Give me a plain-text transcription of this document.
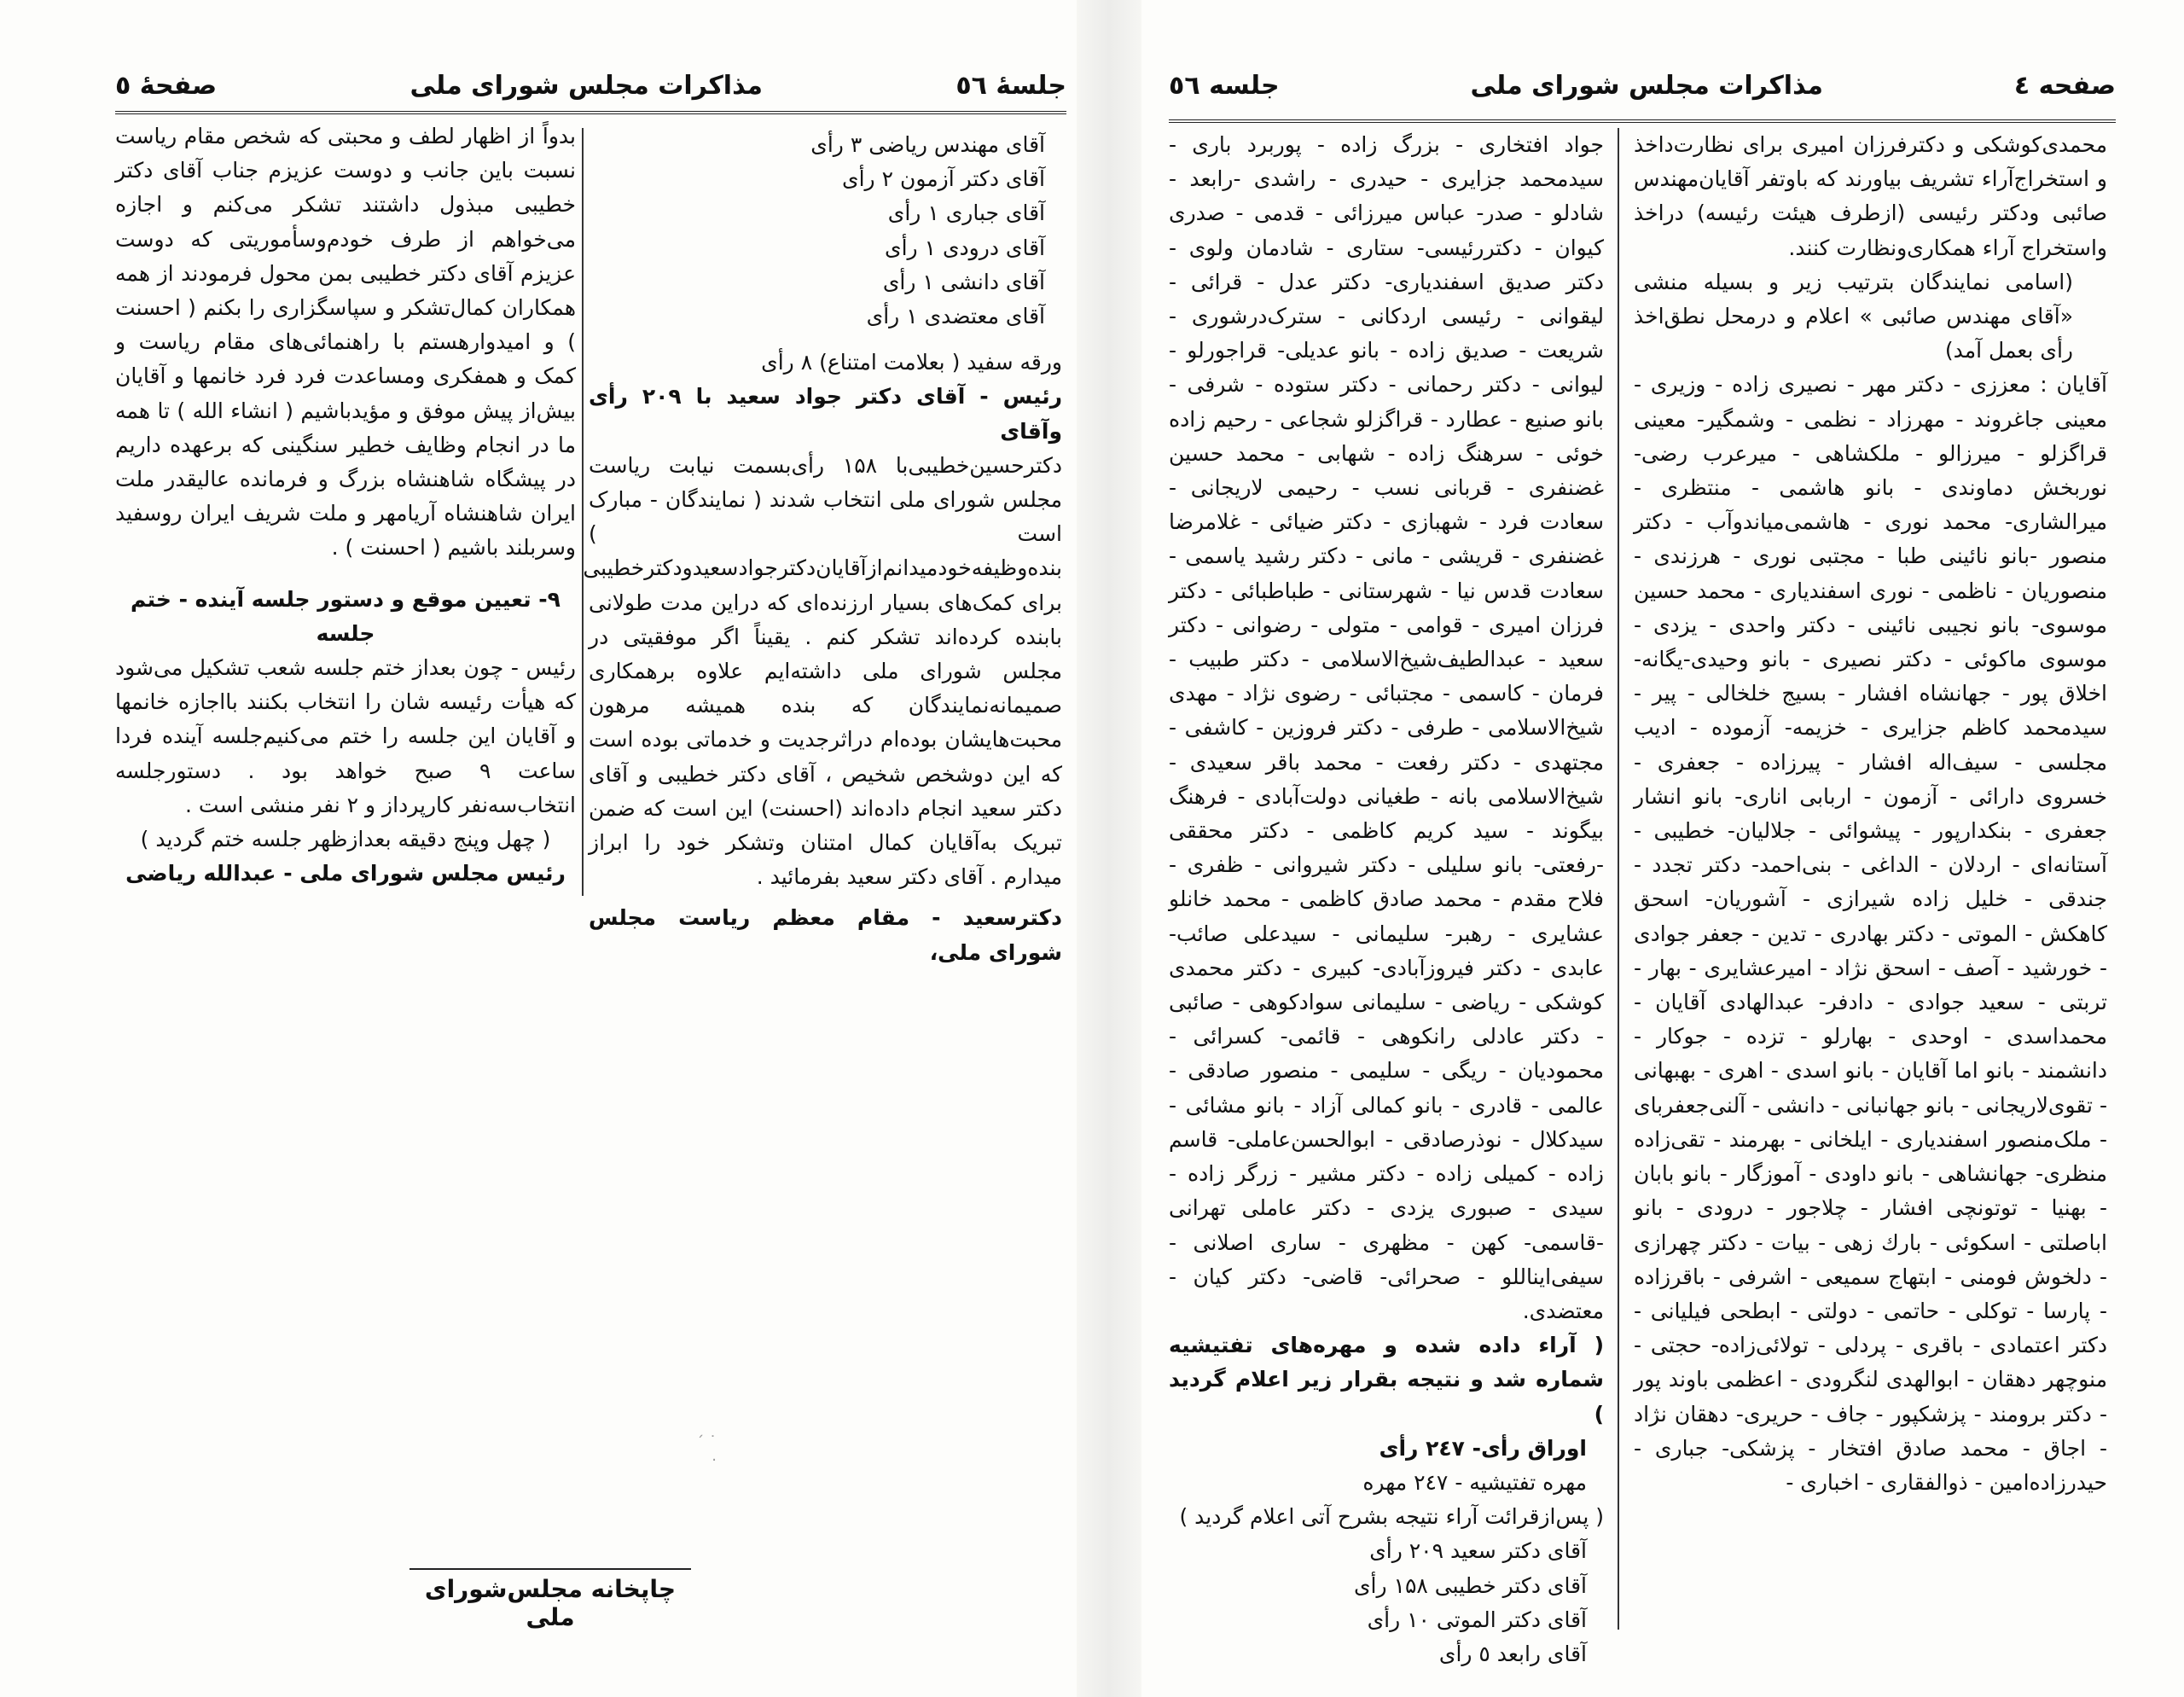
جلسهٔ ٥٦
مذاکرات مجلس شورای ملی
صفحهٔ ٥

آقای مهندس ریاضی ۳ رأی

آقای دکتر آزمون ۲ رأی

آقای جباری ۱ رأی

آقای درودی ۱ رأی

آقای دانشی ۱ رأی

آقای معتضدی ۱ رأی

ورقه سفید ( بعلامت امتناع) ۸ رأی

رئیس - آقای دکتر جواد سعید با ۲۰۹ رأی وآقای

دکترحسین‌خطیبی‌با ۱۵۸ رأی‌بسمت نیابت ریاست مجلس شورای ملی انتخاب شدند ( نمایندگان - مبارک است ) بنده‌وظیفه‌خودمیدانم‌ازآقایان‌دکترجوادسعیدودکترخطیبی برای کمک‌های بسیار ارزنده‌ای که دراین مدت طولانی بابنده کرده‌اند تشکر کنم . یقیناً اگر موفقیتی در مجلس شورای ملی داشته‌ایم علاوه برهمکاری صمیمانه‌نمایندگان که بنده همیشه مرهون محبت‌هایشان بوده‌ام دراثرجدیت و خدماتی بوده است که این دوشخص شخیص ، آقای دکتر خطیبی و آقای دکتر سعید انجام داده‌اند (احسنت) این است که ضمن تبریک به‌آقایان کمال امتنان وتشکر خود را ابراز میدارم . آقای دکتر سعید بفرمائید .

دکترسعید - مقام معظم ریاست مجلس شورای ملی،

بدواً از اظهار لطف و محبتی که شخص مقام ریاست نسبت باین جانب و دوست عزیزم جناب آقای دکتر خطیبی مبذول داشتند تشکر می‌کنم و اجازه می‌خواهم از طرف خودم‌وسأموریتی که دوست عزیزم آقای دکتر خطیبی بمن محول فرمودند از همه همکاران کمال‌تشکر و سپاسگزاری را بکنم ( احسنت ) و امیدوارهستم با راهنمائی‌های مقام ریاست و کمک و همفکری ومساعدت فرد فرد خانمها و آقایان بیش‌از پیش موفق و مؤیدباشیم ( انشاء الله ) تا همه ما در انجام وظایف خطیر سنگینی که برعهده داریم در پیشگاه شاهنشاه بزرگ و فرمانده عالیقدر ملت ایران شاهنشاه آریامهر و ملت شریف ایران روسفید وسربلند باشیم ( احسنت ) .

۹- تعیین موقع و دستور جلسه آینده - ختم جلسه

رئیس - چون بعداز ختم جلسه شعب تشکیل می‌شود که هیأت رئیسه شان را انتخاب بکنند بااجازه خانمها و آقایان این جلسه را ختم می‌کنیم‌جلسه آینده فردا ساعت ۹ صبح خواهد بود . دستورجلسه انتخاب‌سه‌نفر کارپرداز و ۲ نفر منشی است .

( چهل وپنج دقیقه بعدازظهر جلسه ختم گردید )

رئیس مجلس شورای ملی - عبدالله ریاضی

˙ ´ ·
چاپخانه مجلس‌شورای ملی
صفحه ٤
مذاکرات مجلس شورای ملی
جلسه ٥٦

محمدی‌کوشکی و دکترفرزان امیری برای نظارت‌داخذ و استخراج‌آراء تشریف بیاورند که باوتفر آقایان‌مهندس صائبی ودکتر رئیسی (ازطرف هیئت رئیسه) دراخذ واستخراج آراء همکاری‌ونظارت کنند.

(اسامی نمایندگان بترتیب زیر و بسیله منشی «آقای مهندس صائبی » اعلام و درمحل نطق‌اخذ رأی بعمل آمد)

آقایان : معززی - دکتر مهر - نصیری زاده - وزیری - معینی جاغروند - مهرزاد - نظمی - وشمگیر- معینی قراگزلو - میرزالو - ملکشاهی - میرعرب رضی- نوربخش دماوندی - بانو هاشمی - منتظری - میرالشاری- محمد نوری - هاشمی‌میاندوآب - دکتر منصور -بانو نائینی طبا - مجتبی نوری - هرزندی - منصوریان - ناظمی - نوری اسفندیاری - محمد حسین موسوی- بانو نجیبی نائینی - دکتر واحدی - یزدی - موسوی ماکوئی - دکتر نصیری - بانو وحیدی-یگانه- اخلاق پور - جهانشاه افشار - بسیج خلخالی - پیر - سیدمحمد کاظم جزایری - خزیمه- آزموده - ادیب مجلسی - سیف‌اله افشار - پیرزاده - جعفری - خسروی دارائی - آزمون - اربابی اناری- بانو انشار جعفری - بنکدارپور - پیشوائی - جلالیان- خطیبی - آستانه‌ای - اردلان - الداغی - بنی‌احمد- دکتر تجدد - جندقی - خلیل زاده شیرازی - آشوریان- اسحق کاهکش - الموتی - دکتر بهادری - تدین - جعفر جوادی - خورشید - آصف - اسحق نژاد - امیرعشایری - بهار - تربتی - سعید جوادی - دادفر- عبدالهادی آقایان - محمداسدی - اوحدی - بهارلو - تزده - جوکار - دانشمند - بانو اما آقایان - بانو اسدی - اهری - بهبهانی - تقوی‌لاریجانی - بانو جهانبانی - دانشی - آلنی‌جعفربای - ملک‌منصور اسفندیاری - ایلخانی - بهرمند - تقی‌زاده منظری- جهانشاهی - بانو داودی - آموزگار - بانو بابان - بهنیا - توتونچی افشار - چلاجور - درودی - بانو اباصلتی - اسکوئی - بارك زهی - بیات - دکتر چهرازی - دلخوش فومنی - ابتهاج سمیعی - اشرفی - باقرزاده - پارسا - توکلی - حاتمی - دولتی - ابطحی فیلیانی - دکتر اعتمادی - باقری - پردلی - تولائی‌زاده- حجتی - منوچهر دهقان - ابوالهدی لنگرودی - اعظمی باوند پور - دکتر برومند - پزشکپور - جاف - حریری- دهقان نژاد - اجاق - محمد صادق افتخار - پزشکی- جباری - حیدرزاده‌امین - ذوالفقاری - اخباری -

جواد افتخاری - بزرگ زاده - پوربرد باری - سیدمحمد جزایری - حیدری - راشدی -رابعد - شادلو - صدر- عباس میرزائی - قدمی - صدری کیوان - دکتررئیسی- ستاری - شادمان ولوی - دکتر صدیق اسفندیاری- دکتر عدل - قرائی - لیقوانی - رئیسی اردکانی - سترک‌درشوری - شریعت - صدیق زاده - بانو عدیلی- قراجورلو - لیوانی - دکتر رحمانی - دکتر ستوده - شرفی - بانو صنیع - عطارد - قراگزلو شجاعی - رحیم زاده خوئی - سرهنگ زاده - شهابی - محمد حسین غضنفری - قربانی نسب - رحیمی لاریجانی - سعادت فرد - شهبازی - دکتر ضیائی - غلامرضا غضنفری - قریشی - مانی - دکتر رشید یاسمی - سعادت قدس نیا - شهرستانی - طباطبائی - دکتر فرزان امیری - قوامی - متولی - رضوانی - دکتر سعید - عبدالطیف‌شیخ‌الاسلامی - دکتر طبیب - فرمان - کاسمی - مجتبائی - رضوی نژاد - مهدی شیخ‌الاسلامی - طرفی - دکتر فروزین - کاشفی - مجتهدی - دکتر رفعت - محمد باقر سعیدی - شیخ‌الاسلامی بانه - طغیانی دولت‌آبادی - فرهنگ بیگوند - سید کریم کاظمی - دکتر محققی -رفعتی- بانو سلیلی - دکتر شیروانی - ظفری - فلاح مقدم - محمد صادق کاظمی - محمد خانلو عشایری - رهبر- سلیمانی - سیدعلی صائب-عابدی - دکتر فیروزآبادی- کبیری - دکتر محمدی کوشکی - ریاضی - سلیمانی سوادکوهی - صائبی - دکتر عادلی رانکوهی - قائمی- کسرائی - محمودیان - ریگی - سلیمی - منصور صادقی - عالمی - قادری - بانو کمالی آزاد - بانو مشائی - سیدکلال - نوذرصادقی - ابوالحسن‌عاملی- قاسم زاده - کمیلی زاده - دکتر مشیر - زرگر زاده - سیدی - صبوری یزدی - دکتر عاملی تهرانی -قاسمی- کهن - مظهری - ساری اصلانی - سیفی‌ایناللو - صحرائی- قاضی- دکتر کیان - معتضدی.

( آراء داده شده و مهره‌های تفتیشیه شماره شد و نتیجه بقرار زیر اعلام گردید )

اوراق رأی- ۲٤۷ رأی

مهره تفتیشیه - ۲٤۷ مهره

( پس‌ازقرائت آراء نتیجه بشرح آتی اعلام گردید )

آقای دکتر سعید ۲۰۹ رأی

آقای دکتر خطیبی ۱۵۸ رأی

آقای دکتر الموتی ۱۰ رأی

آقای رابعد ٥ رأی
